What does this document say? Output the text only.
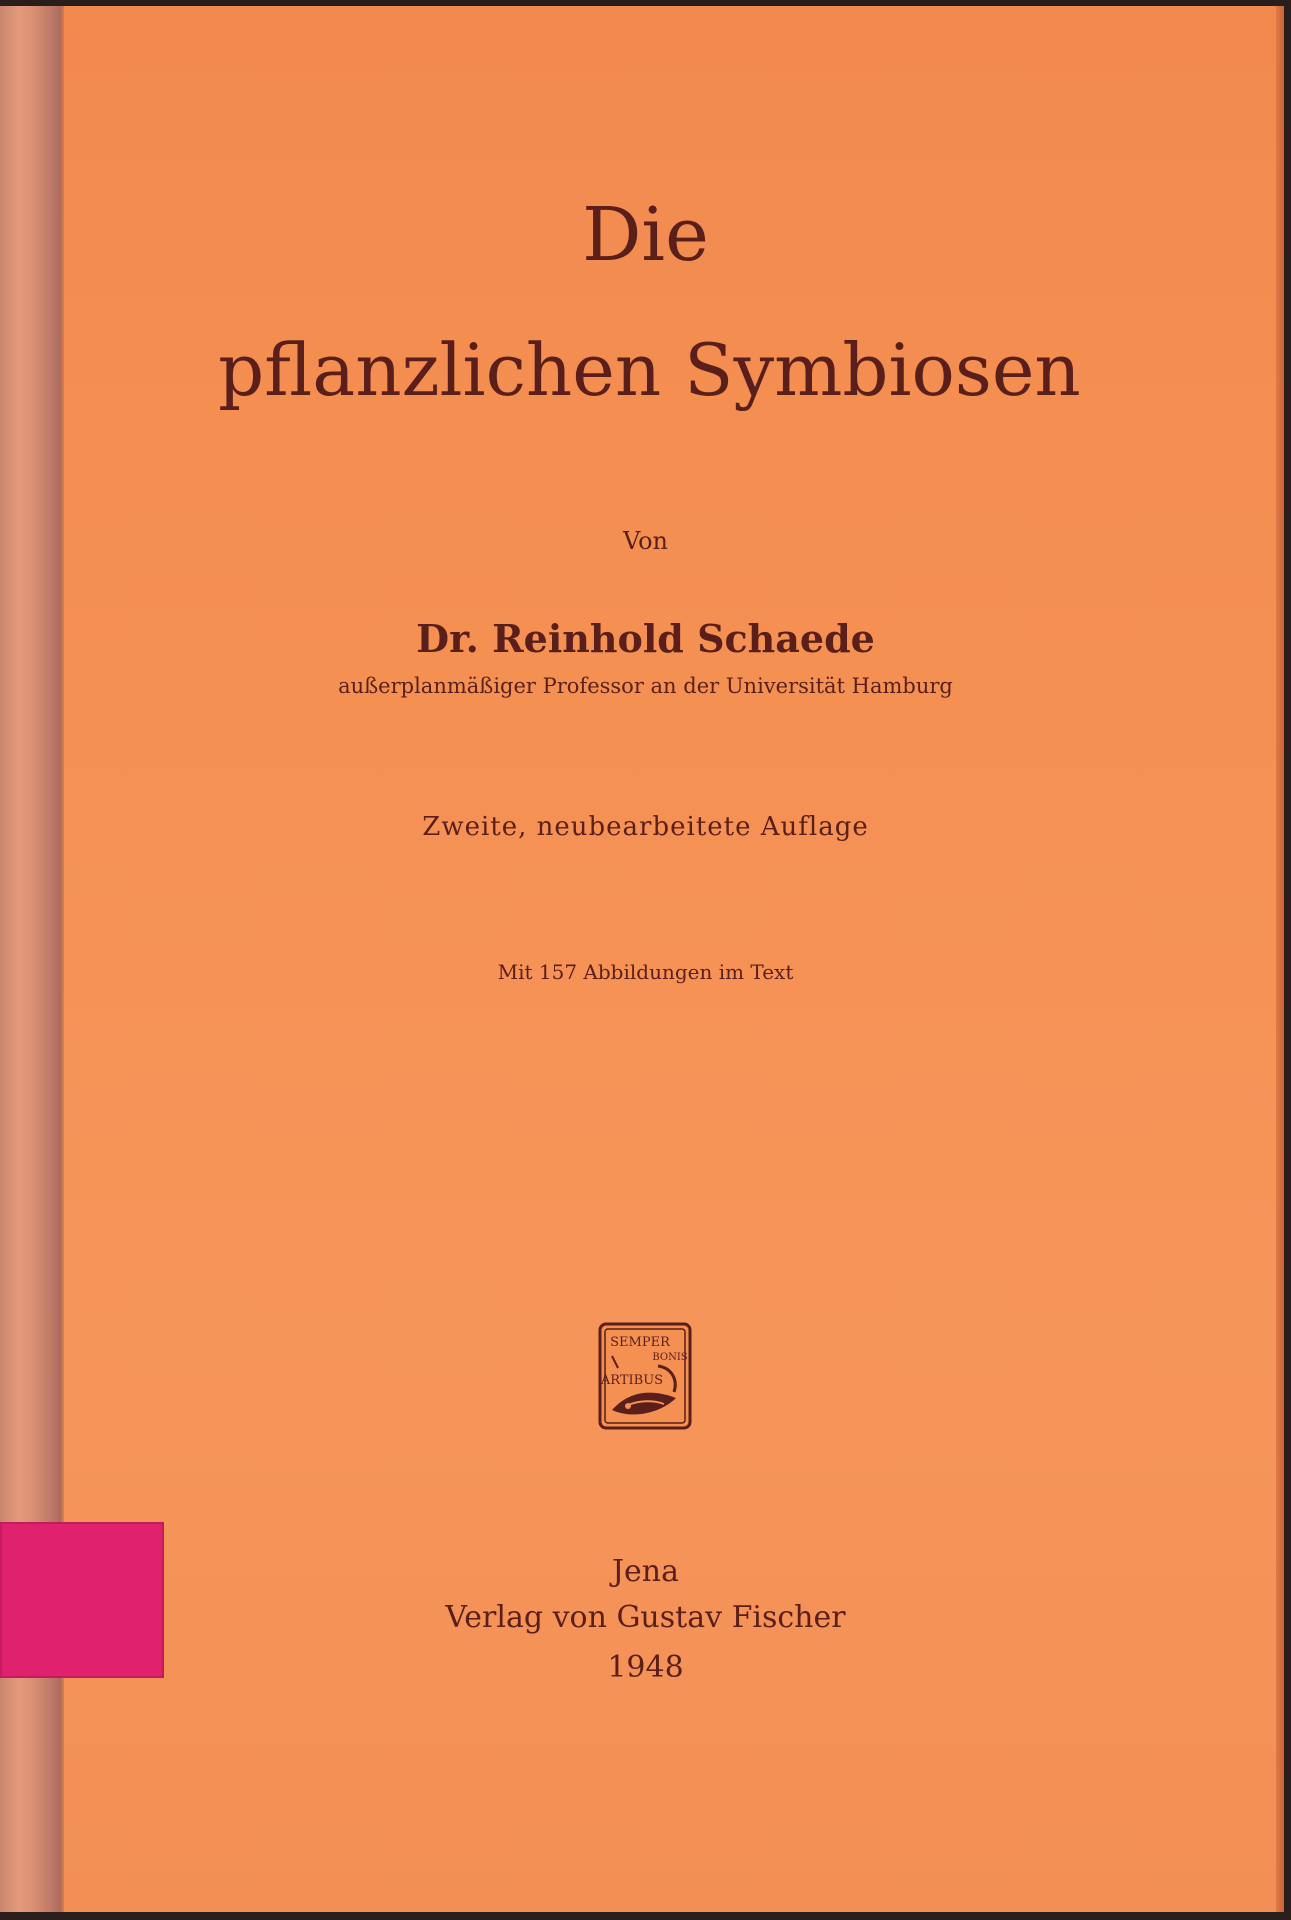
Die
pflanzlichen Symbiosen
Von
Dr. Reinhold Schaede
außerplanmäßiger Professor an der Universität Hamburg
Zweite, neubearbeitete Auflage
Mit 157 Abbildungen im Text
SEMPER
BONIS
ARTIBUS
Jena
Verlag von Gustav Fischer
1948
